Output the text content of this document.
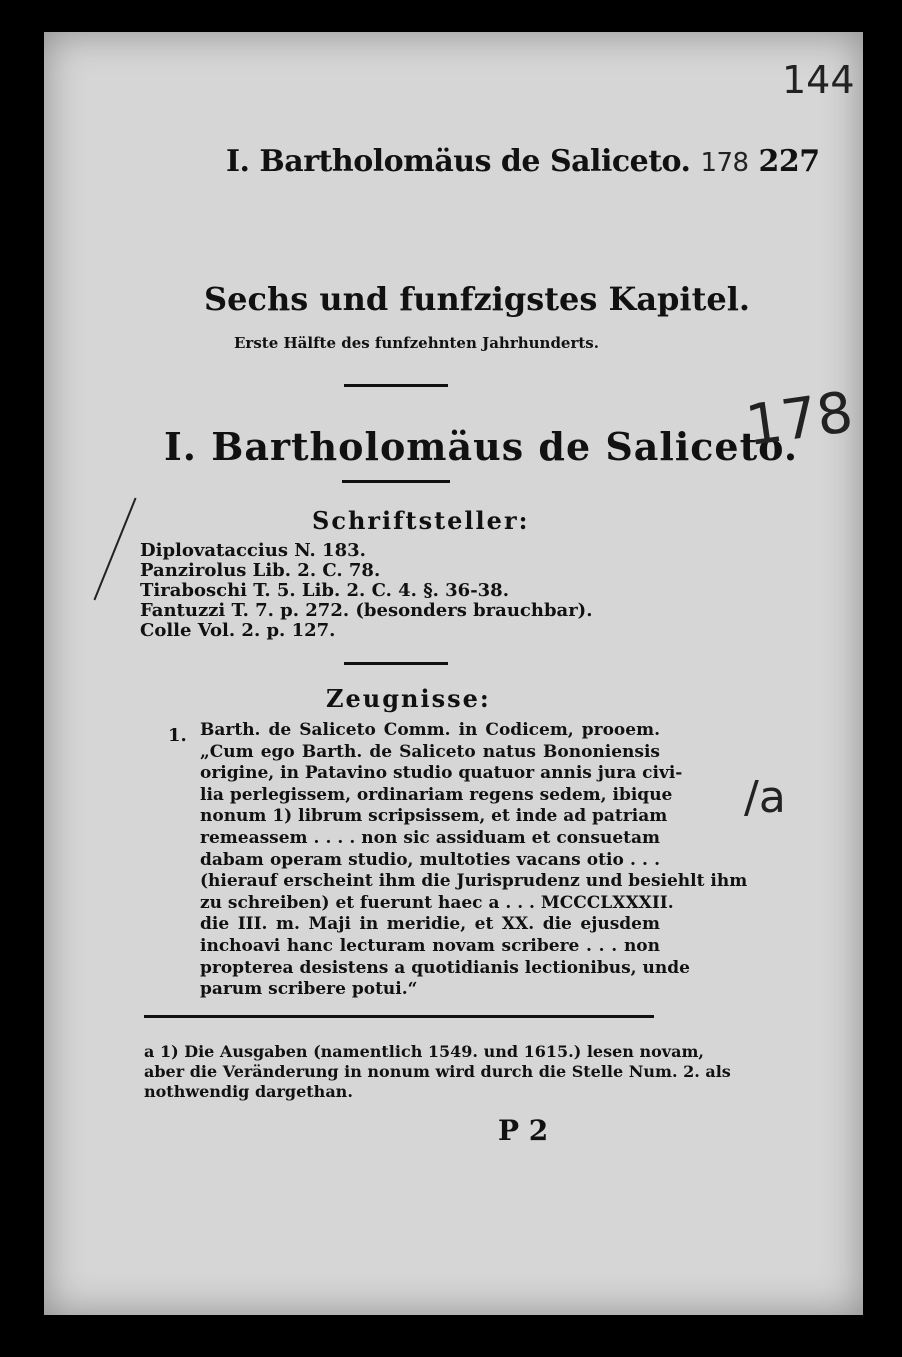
144
I. Bartholomäus de Saliceto. 178 227
Sechs und funfzigstes Kapitel.
Erste Hälfte des funfzehnten Jahrhunderts.
I. Bartholomäus de Saliceto.
178
Schriftsteller:
Diplovataccius N. 183.
Panzirolus Lib. 2. C. 78.
Tiraboschi T. 5. Lib. 2. C. 4. §. 36-38.
Fantuzzi T. 7. p. 272. (besonders brauchbar).
Colle Vol. 2. p. 127.
Zeugnisse:
1. Barth. de Saliceto Comm. in Codicem, prooem.
„Cum ego Barth. de Saliceto natus Bononiensis
origine, in Patavino studio quatuor annis jura civi-
lia perlegissem, ordinariam regens sedem, ibique
nonum 1) librum scripsissem, et inde ad patriam
remeassem . . . . non sic assiduam et consuetam
dabam operam studio, multoties vacans otio . . .
(hierauf erscheint ihm die Jurisprudenz und besiehlt ihm
zu schreiben) et fuerunt haec a . . . MCCCLXXXII.
die III. m. Maji in meridie, et XX. die ejusdem
inchoavi hanc lecturam novam scribere . . . non
propterea desistens a quotidianis lectionibus, unde
parum scribere potui.“
/a
a 1) Die Ausgaben (namentlich 1549. und 1615.) lesen novam,
aber die Veränderung in nonum wird durch die Stelle Num. 2. als
nothwendig dargethan.
P 2
